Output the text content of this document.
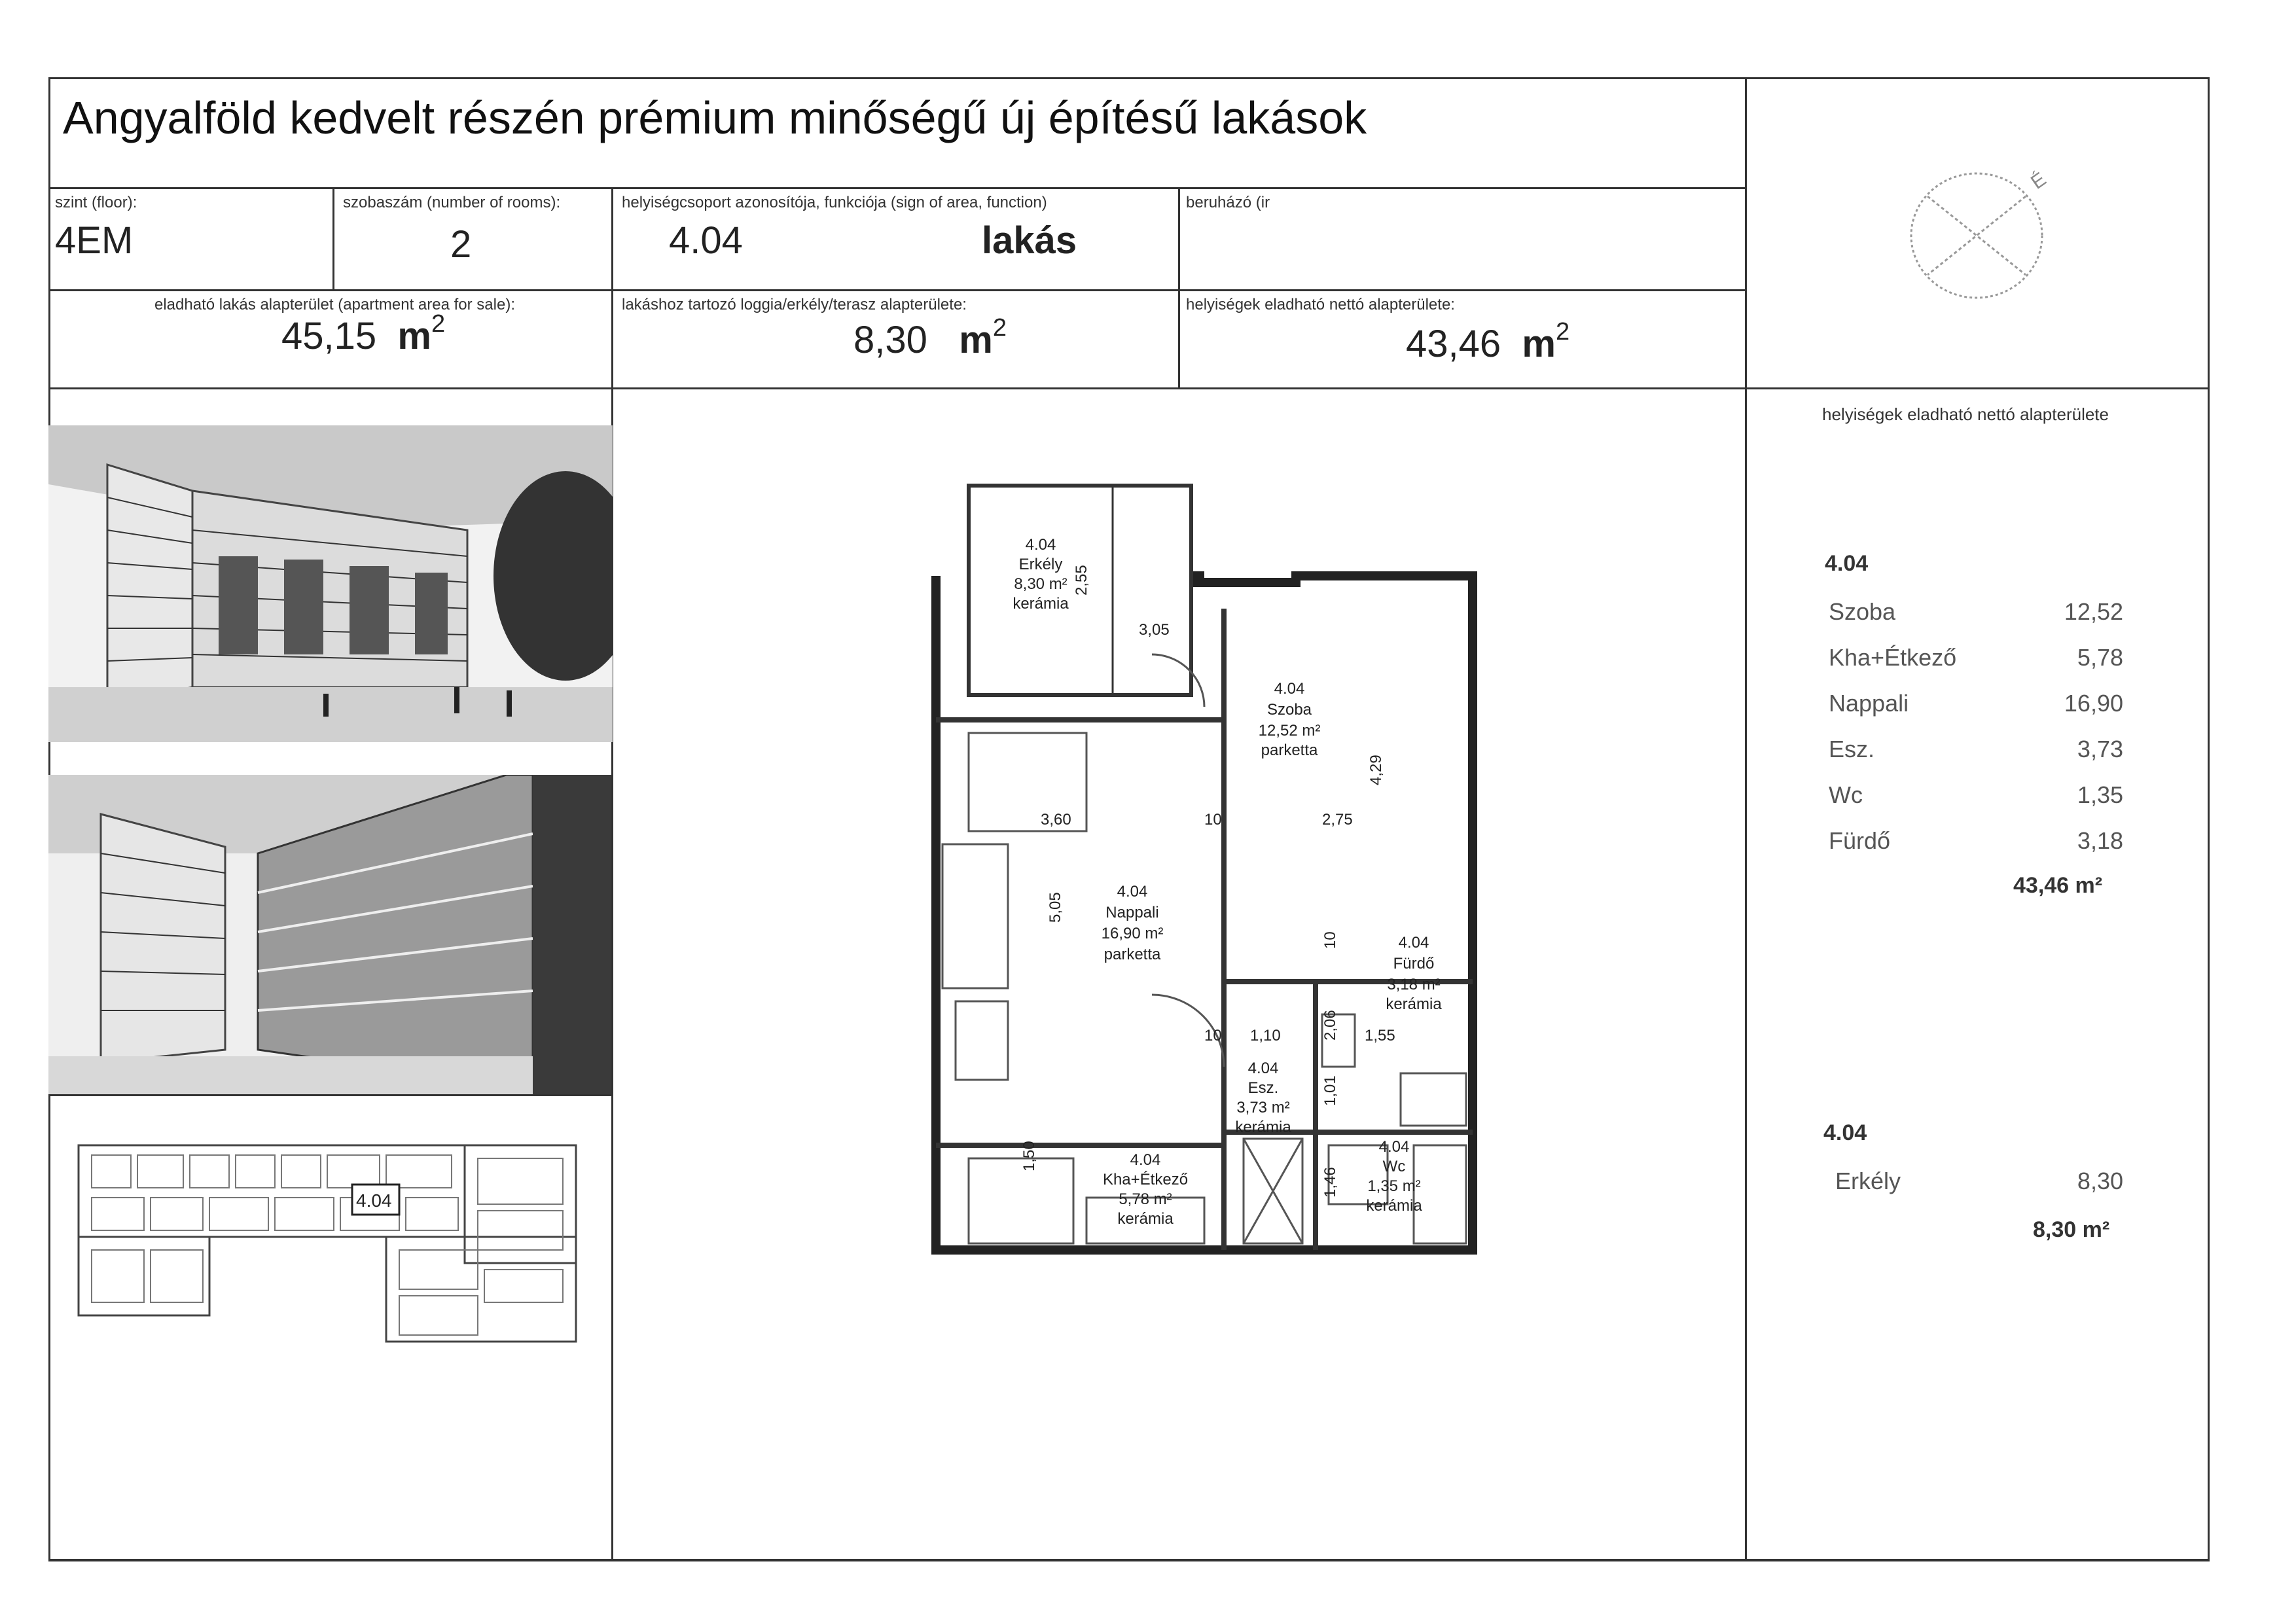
Angyalföld kedvelt részén prémium minőségű új építésű lakások
szint (floor):
4EM
szobaszám (number of rooms):
2
helyiségcsoport azonosítója, funkciója (sign of area, function)
4.04	lakás
beruházó (ir
eladható lakás alapterület (apartment area for sale):
45,15 $m^2$
lakáshoz tartozó loggia/erkély/terasz alapterülete:
8,30 $m^2$
helyiségek eladható nettó alapterülete:
43,46 $m^2$
É
helyiségek eladható nettó alapterülete
4.04
Szoba	12,52
Kha+Étkező	5,78
Nappali	16,90
Esz.	3,73
Wc	1,35
Fürdő	3,18
43,46 m²
4.04
Erkély	8,30
8,30 m²
4.04
4.04
Erkély
8,30 m²
kerámia
4.04
Szoba
12,52 m²
parketta
4.04
Nappali
16,90 m²
parketta
4.04
Esz.
3,73 m²
kerámia
4.04
Fürdő
3,18 m²
kerámia
4.04
Kha+Étkező
5,78 m²
kerámia
4.04
Wc
1,35 m²
kerámia
2,55
3,05
4,29
2,75
3,60	10
5,05
10 1,10	2,06 1,55
1,01
1,46
1,50
10
